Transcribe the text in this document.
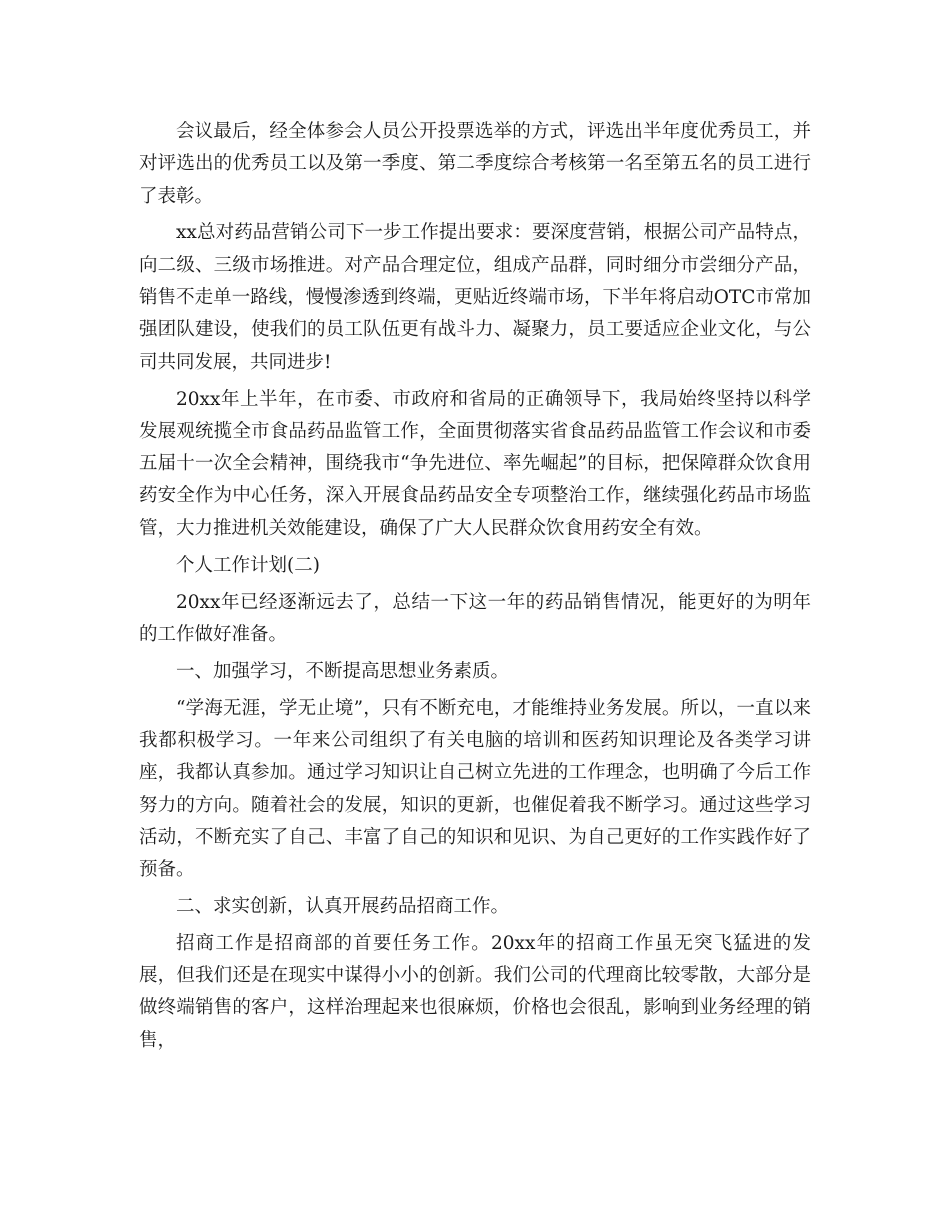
会议最后，经全体参会人员公开投票选举的方式，评选出半年度优秀员工，并对评选出的优秀员工以及第一季度、第二季度综合考核第一名至第五名的员工进行了表彰。

xx总对药品营销公司下一步工作提出要求：要深度营销，根据公司产品特点，向二级、三级市场推进。对产品合理定位，组成产品群，同时细分市尝细分产品，销售不走单一路线，慢慢渗透到终端，更贴近终端市场，下半年将启动OTC市常加强团队建设，使我们的员工队伍更有战斗力、凝聚力，员工要适应企业文化，与公司共同发展，共同进步!

20xx年上半年，在市委、市政府和省局的正确领导下，我局始终坚持以科学发展观统揽全市食品药品监管工作，全面贯彻落实省食品药品监管工作会议和市委五届十一次全会精神，围绕我市“争先进位、率先崛起”的目标，把保障群众饮食用药安全作为中心任务，深入开展食品药品安全专项整治工作，继续强化药品市场监管，大力推进机关效能建设，确保了广大人民群众饮食用药安全有效。

个人工作计划(二)

20xx年已经逐渐远去了，总结一下这一年的药品销售情况，能更好的为明年的工作做好准备。

一、加强学习，不断提高思想业务素质。

“学海无涯，学无止境”，只有不断充电，才能维持业务发展。所以，一直以来我都积极学习。一年来公司组织了有关电脑的培训和医药知识理论及各类学习讲座，我都认真参加。通过学习知识让自己树立先进的工作理念，也明确了今后工作努力的方向。随着社会的发展，知识的更新，也催促着我不断学习。通过这些学习活动，不断充实了自己、丰富了自己的知识和见识、为自己更好的工作实践作好了预备。

二、求实创新，认真开展药品招商工作。

招商工作是招商部的首要任务工作。20xx年的招商工作虽无突飞猛进的发展，但我们还是在现实中谋得小小的创新。我们公司的代理商比较零散，大部分是做终端销售的客户，这样治理起来也很麻烦，价格也会很乱，影响到业务经理的销售，
